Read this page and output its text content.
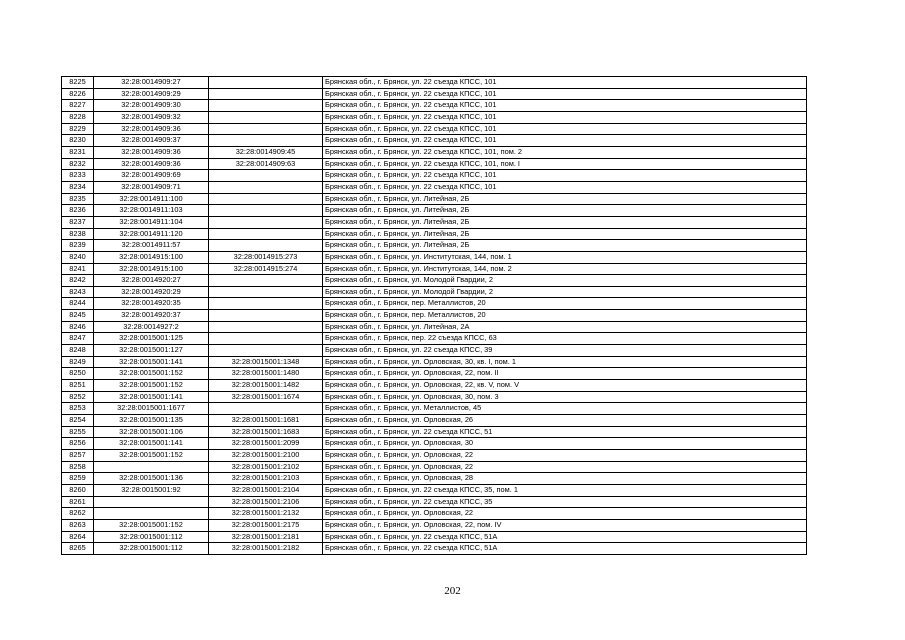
8225	32:28:0014909:27		Брянская обл., г. Брянск, ул. 22 съезда КПСС, 101
8226	32:28:0014909:29		Брянская обл., г. Брянск, ул. 22 съезда КПСС, 101
8227	32:28:0014909:30		Брянская обл., г. Брянск, ул. 22 съезда КПСС, 101
8228	32:28:0014909:32		Брянская обл., г. Брянск, ул. 22 съезда КПСС, 101
8229	32:28:0014909:36		Брянская обл., г. Брянск, ул. 22 съезда КПСС, 101
8230	32:28:0014909:37		Брянская обл., г. Брянск, ул. 22 съезда КПСС, 101
8231	32:28:0014909:36	32:28:0014909:45	Брянская обл., г. Брянск, ул. 22 съезда КПСС, 101, пом. 2
8232	32:28:0014909:36	32:28:0014909:63	Брянская обл., г. Брянск, ул. 22 съезда КПСС, 101, пом. I
8233	32:28:0014909:69		Брянская обл., г. Брянск, ул. 22 съезда КПСС, 101
8234	32:28:0014909:71		Брянская обл., г. Брянск, ул. 22 съезда КПСС, 101
8235	32:28:0014911:100		Брянская обл., г. Брянск, ул. Литейная, 2Б
8236	32:28:0014911:103		Брянская обл., г. Брянск, ул. Литейная, 2Б
8237	32:28:0014911:104		Брянская обл., г. Брянск, ул. Литейная, 2Б
8238	32:28:0014911:120		Брянская обл., г. Брянск, ул. Литейная, 2Б
8239	32:28:0014911:57		Брянская обл., г. Брянск, ул. Литейная, 2Б
8240	32:28:0014915:100	32:28:0014915:273	Брянская обл., г. Брянск, ул. Институтская, 144, пом. 1
8241	32:28:0014915:100	32:28:0014915:274	Брянская обл., г. Брянск, ул. Институтская, 144, пом. 2
8242	32:28:0014920:27		Брянская обл., г. Брянск, ул. Молодой Гвардии, 2
8243	32:28:0014920:29		Брянская обл., г. Брянск, ул. Молодой Гвардии, 2
8244	32:28:0014920:35		Брянская обл., г. Брянск, пер. Металлистов, 20
8245	32:28:0014920:37		Брянская обл., г. Брянск, пер. Металлистов, 20
8246	32:28:0014927:2		Брянская обл., г. Брянск, ул. Литейная, 2А
8247	32:28:0015001:125		Брянская обл., г. Брянск, пер. 22 съезда КПСС, 63
8248	32:28:0015001:127		Брянская обл., г. Брянск, ул. 22 съезда КПСС, 39
8249	32:28:0015001:141	32:28:0015001:1348	Брянская обл., г. Брянск, ул. Орловская, 30, кв. I, пом. 1
8250	32:28:0015001:152	32:28:0015001:1480	Брянская обл., г. Брянск, ул. Орловская, 22, пом. II
8251	32:28:0015001:152	32:28:0015001:1482	Брянская обл., г. Брянск, ул. Орловская, 22, кв. V, пом. V
8252	32:28:0015001:141	32:28:0015001:1674	Брянская обл., г. Брянск, ул. Орловская, 30, пом. 3
8253	32:28:0015001:1677		Брянская обл., г. Брянск, ул. Металлистов, 45
8254	32:28:0015001:135	32:28:0015001:1681	Брянская обл., г. Брянск, ул. Орловская, 26
8255	32:28:0015001:106	32:28:0015001:1683	Брянская обл., г. Брянск, ул. 22 съезда КПСС, 51
8256	32:28:0015001:141	32:28:0015001:2099	Брянская обл., г. Брянск, ул. Орловская, 30
8257	32:28:0015001:152	32:28:0015001:2100	Брянская обл., г. Брянск, ул. Орловская, 22
8258		32:28:0015001:2102	Брянская обл., г. Брянск, ул. Орловская, 22
8259	32:28:0015001:136	32:28:0015001:2103	Брянская обл., г. Брянск, ул. Орловская, 28
8260	32:28:0015001:92	32:28:0015001:2104	Брянская обл., г. Брянск, ул. 22 съезда КПСС, 35, пом. 1
8261		32:28:0015001:2106	Брянская обл., г. Брянск, ул. 22 съезда КПСС, 35
8262		32:28:0015001:2132	Брянская обл., г. Брянск, ул. Орловская, 22
8263	32:28:0015001:152	32:28:0015001:2175	Брянская обл., г. Брянск, ул. Орловская, 22, пом. IV
8264	32:28:0015001:112	32:28:0015001:2181	Брянская обл., г. Брянск, ул. 22 съезда КПСС, 51А
8265	32:28:0015001:112	32:28:0015001:2182	Брянская обл., г. Брянск, ул. 22 съезда КПСС, 51А
202
